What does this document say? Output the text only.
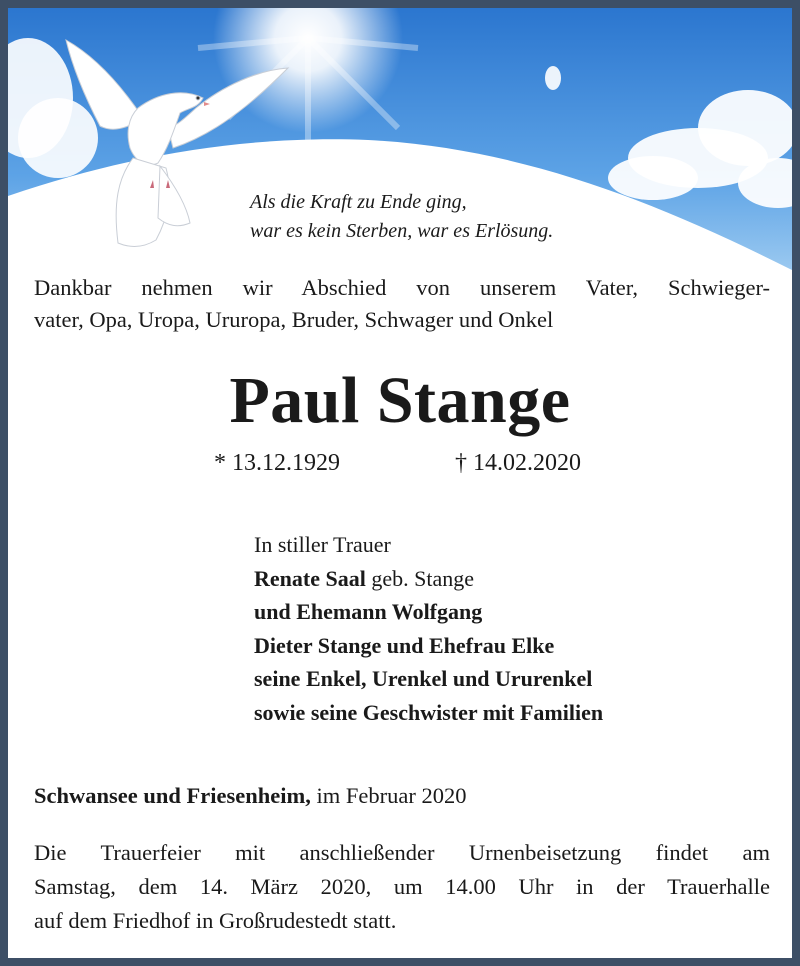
Als die Kraft zu Ende ging,
war es kein Sterben, war es Erlösung.
Dankbar nehmen wir Abschied von unserem Vater, Schwieger-
vater, Opa, Uropa, Ururopa, Bruder, Schwager und Onkel
Paul Stange
* 13.12.1929	† 14.02.2020
In stiller Trauer
Renate Saal geb. Stange
und Ehemann Wolfgang
Dieter Stange und Ehefrau Elke
seine Enkel, Urenkel und Ururenkel
sowie seine Geschwister mit Familien
Schwansee und Friesenheim, im Februar 2020
Die Trauerfeier mit anschließender Urnenbeisetzung findet am
Samstag, dem 14. März 2020, um 14.00 Uhr in der Trauerhalle
auf dem Friedhof in Großrudestedt statt.
